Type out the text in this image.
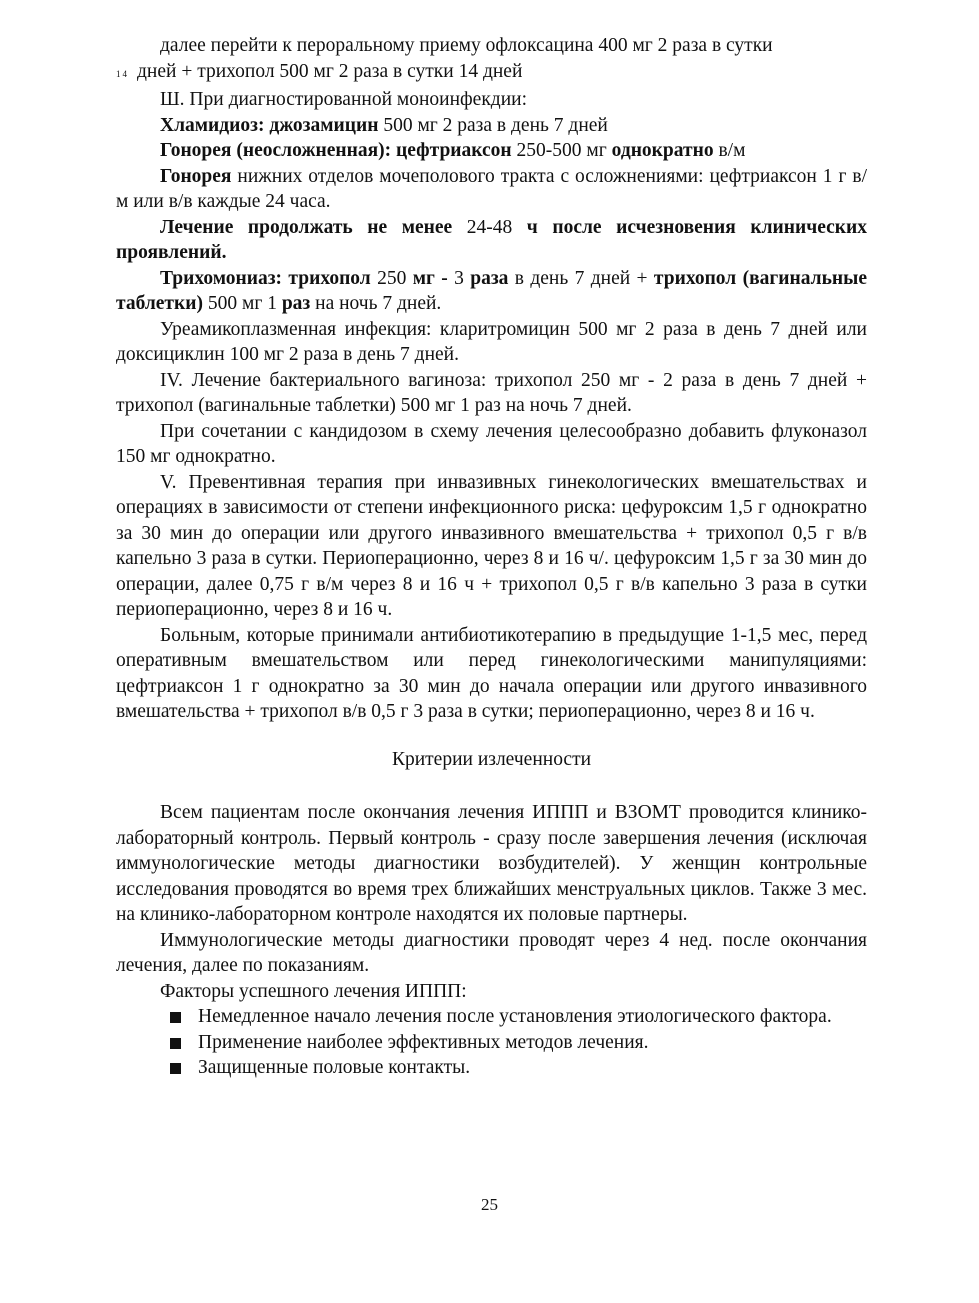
далее перейти к пероральному приему офлоксацина 400 мг 2 раза в сутки

14 дней + трихопол 500 мг 2 раза в сутки 14 дней

Ш. При диагностированной моноинфекдии:

Хламидиоз: джозамицин 500 мг 2 раза в день 7 дней

Гонорея (неосложненная): цефтриаксон 250-500 мг однократно в/м

Гонорея нижних отделов мочеполового тракта с осложнениями: цефтриаксон 1 г в/м или в/в каждые 24 часа.

Лечение продолжать не менее 24-48 ч после исчезновения клинических проявлений.

Трихомониаз: трихопол 250 мг - 3 раза в день 7 дней + трихопол (вагинальные таблетки) 500 мг 1 раз на ночь 7 дней.

Уреамикоплазменная инфекция: кларитромицин 500 мг 2 раза в день 7 дней или доксициклин 100 мг 2 раза в день 7 дней.

IV. Лечение бактериального вагиноза: трихопол 250 мг - 2 раза в день 7 дней + трихопол (вагинальные таблетки) 500 мг 1 раз на ночь 7 дней.

При сочетании с кандидозом в схему лечения целесообразно добавить флуконазол 150 мг однократно.

V. Превентивная терапия при инвазивных гинекологических вмешательствах и операциях в зависимости от степени инфекционного риска: цефуроксим 1,5 г однократно за 30 мин до операции или другого инвазивного вмешательства + трихопол 0,5 г в/в капельно 3 раза в сутки. Периоперационно, через 8 и 16 ч/. цефуроксим 1,5 г за 30 мин до операции, далее 0,75 г в/м через 8 и 16 ч + трихопол 0,5 г в/в капельно 3 раза в сутки периоперационно, через 8 и 16 ч.

Больным, которые принимали антибиотикотерапию в предыдущие 1-1,5 мес, перед оперативным вмешательством или перед гинекологическими манипуляциями: цефтриаксон 1 г однократно за 30 мин до начала операции или другого инвазивного вмешательства + трихопол в/в 0,5 г 3 раза в сутки; периоперационно, через 8 и 16 ч.

Критерии излеченности

Всем пациентам после окончания лечения ИППП и ВЗОМТ проводится клинико-лабораторный контроль. Первый контроль - сразу после завершения лечения (исключая иммунологические методы диагностики возбудителей). У женщин контрольные исследования проводятся во время трех ближайших менструальных циклов. Также 3 мес. на клинико-лабораторном контроле находятся их половые партнеры.

Иммунологические методы диагностики проводят через 4 нед. после окончания лечения, далее по показаниям.

Факторы успешного лечения ИППП:

Немедленное начало лечения после установления этиологического фактора.
Применение наиболее эффективных методов лечения.
Защищенные половые контакты.
25
